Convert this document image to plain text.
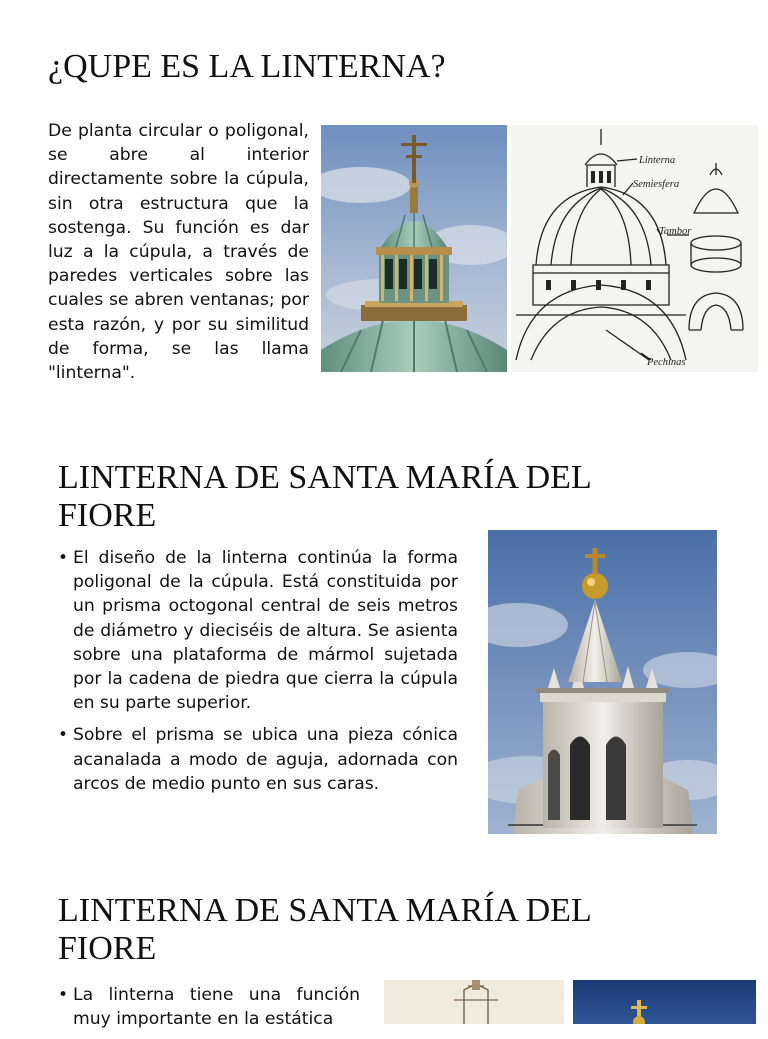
¿QUPE ES LA LINTERNA?

De planta circular o poligonal, se abre al interior directamente sobre la cúpula, sin otra estructura que la sostenga. Su función es dar luz a la cúpula, a través de paredes verticales sobre las cuales se abren ventanas; por esta razón, y por su similitud de forma, se las llama "linterna".

Linterna
Semiesfera
Tambor
Pechinas
LINTERNA DE SANTA MARÍA DEL
FIORE
• El diseño de la linterna continúa la forma poligonal de la cúpula. Está constituida por un prisma octogonal central de seis metros de diámetro y dieciséis de altura. Se asienta sobre una plataforma de mármol sujetada por la cadena de piedra que cierra la cúpula en su parte superior.
• Sobre el prisma se ubica una pieza cónica acanalada a modo de aguja, adornada con arcos de medio punto en sus caras.
LINTERNA DE SANTA MARÍA DEL
FIORE
• La linterna tiene una función muy importante en la estática
